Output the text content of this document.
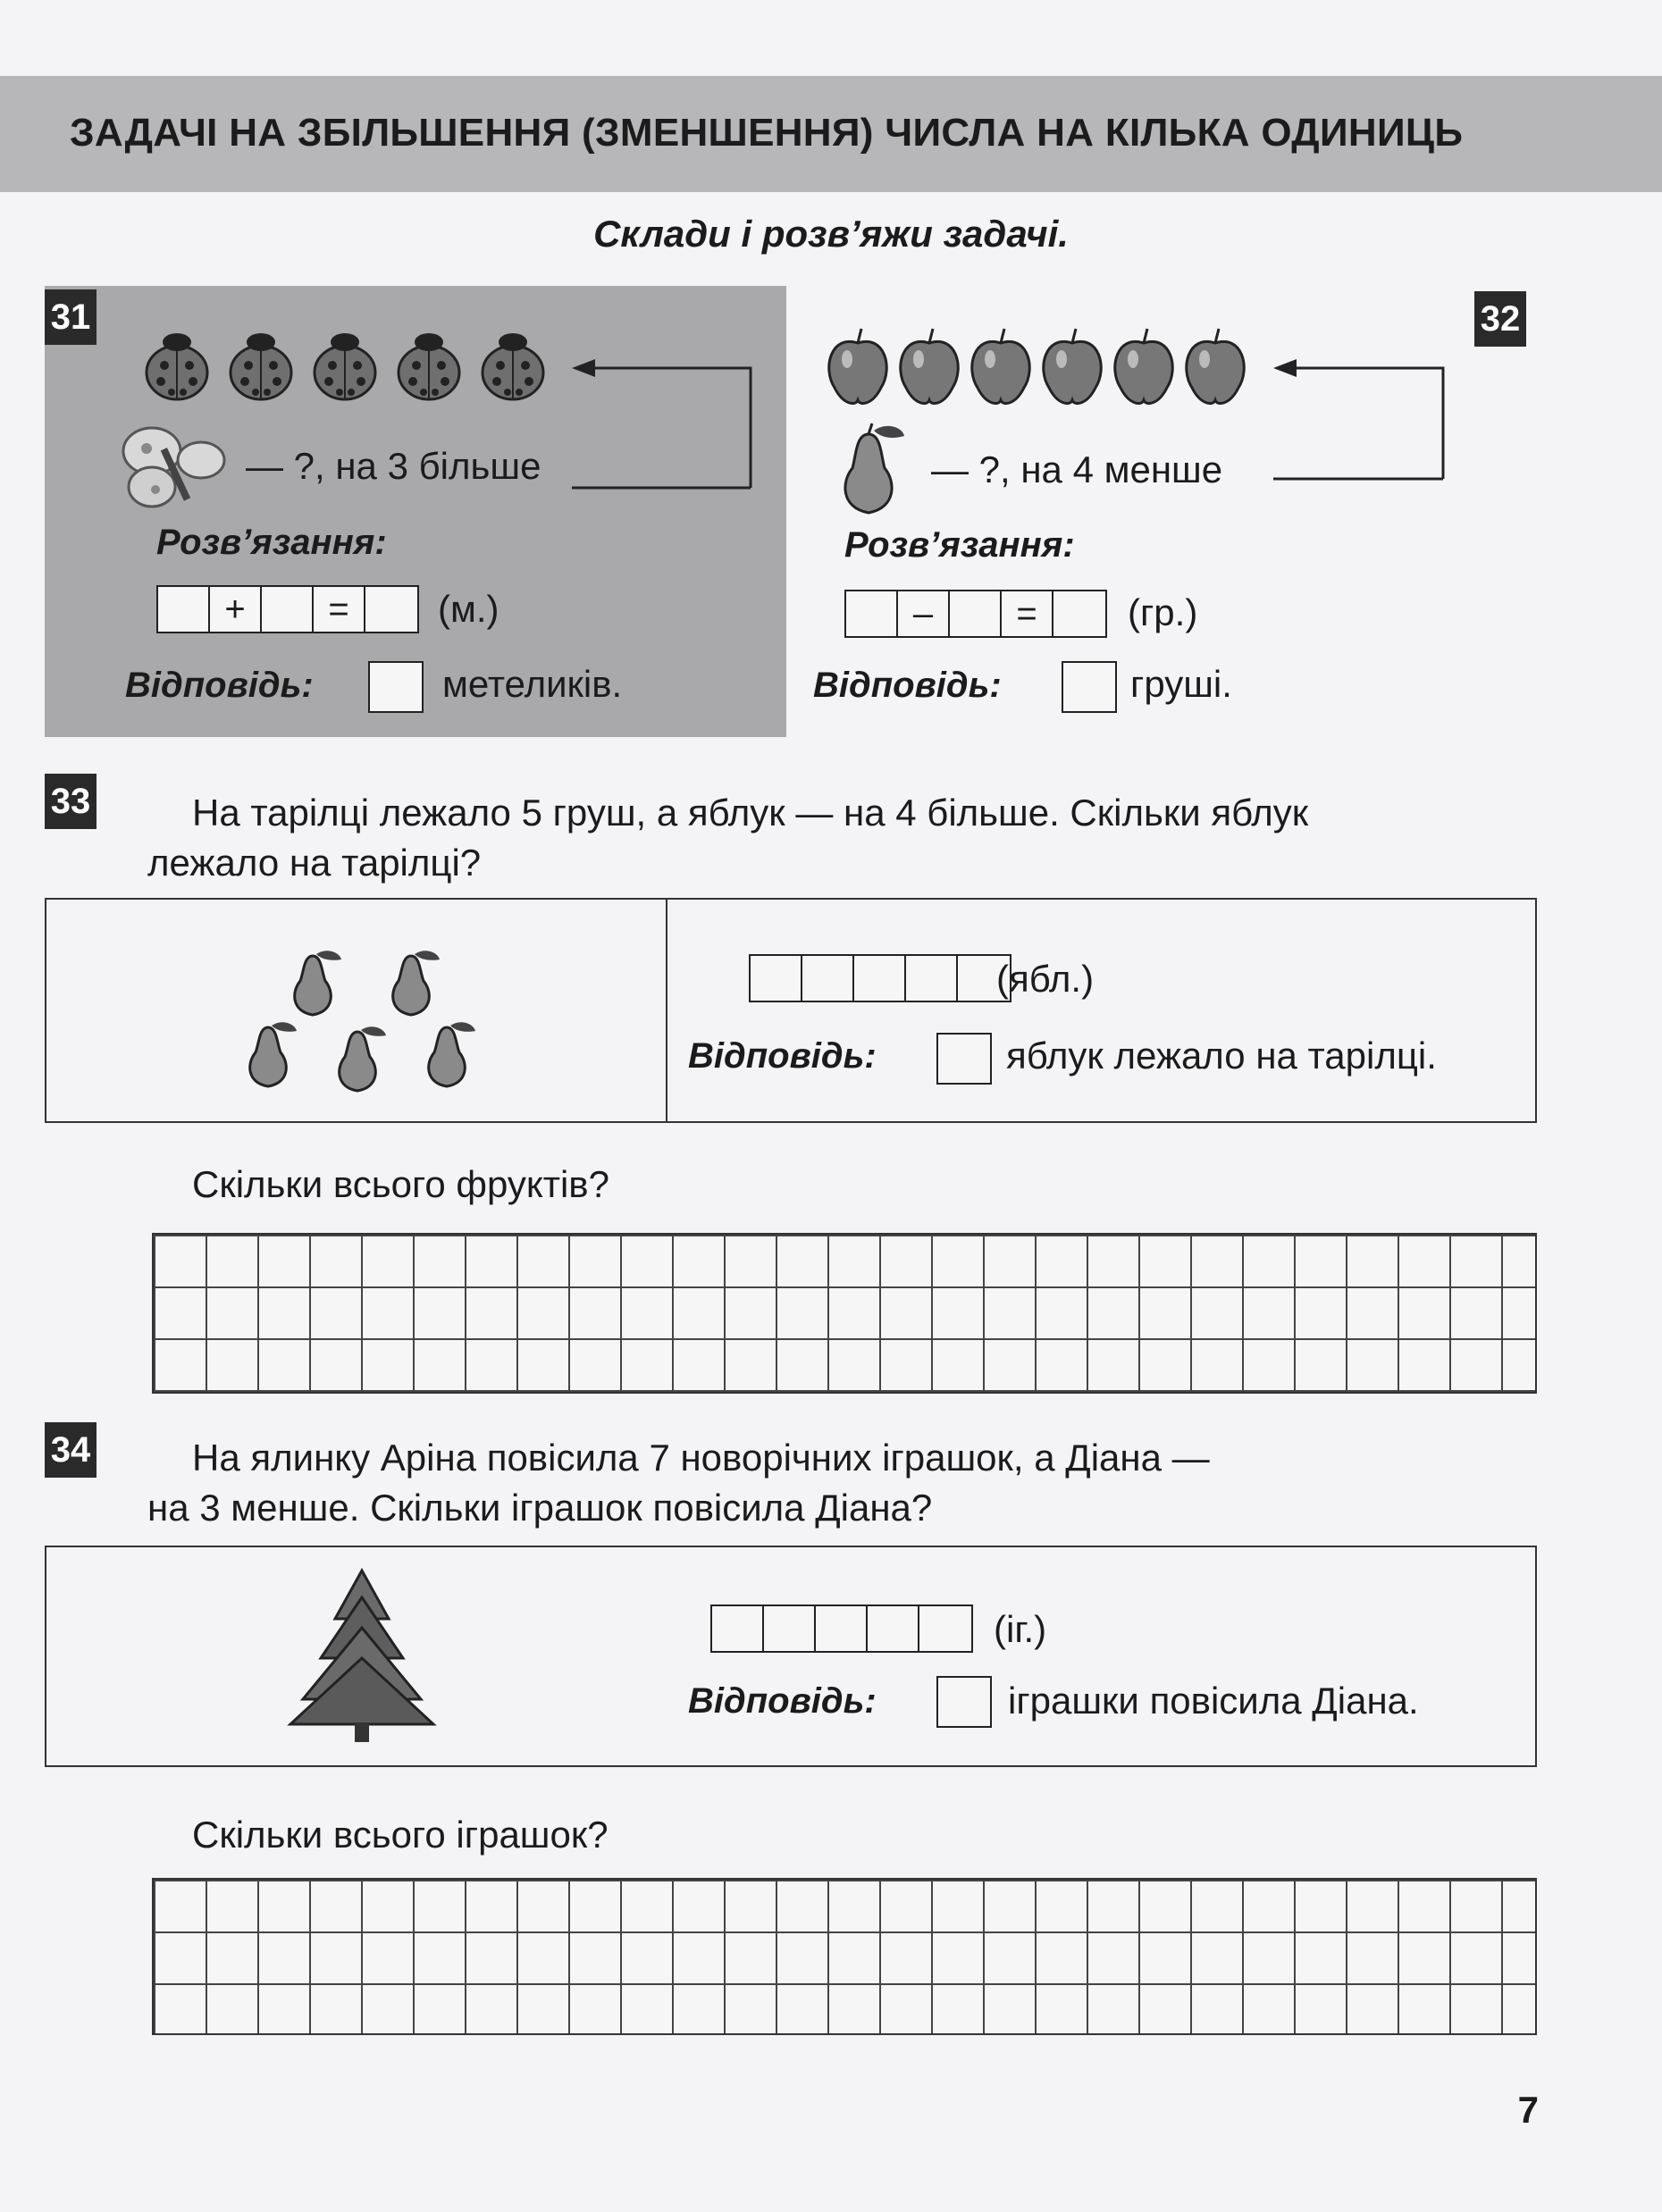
ЗАДАЧІ НА ЗБІЛЬШЕННЯ (ЗМЕНШЕННЯ) ЧИСЛА НА КІЛЬКА ОДИНИЦЬ
Склади і розв’яжи задачі.
31
— ?, на 3 більше
Розв’язання:
+	=	(м.)
Відповідь:	метеликів.
32
— ?, на 4 менше
Розв’язання:
–	=	(гр.)
Відповідь:	груші.
33	На тарілці лежало 5 груш, а яблук — на 4 більше. Скільки яблук
лежало на тарілці?
(ябл.)
Відповідь:	яблук лежало на тарілці.
Скільки всього фруктів?
34	На ялинку Аріна повісила 7 новорічних іграшок, а Діана —
на 3 менше. Скільки іграшок повісила Діана?
(іг.)
Відповідь:	іграшки повісила Діана.
Скільки всього іграшок?
7
